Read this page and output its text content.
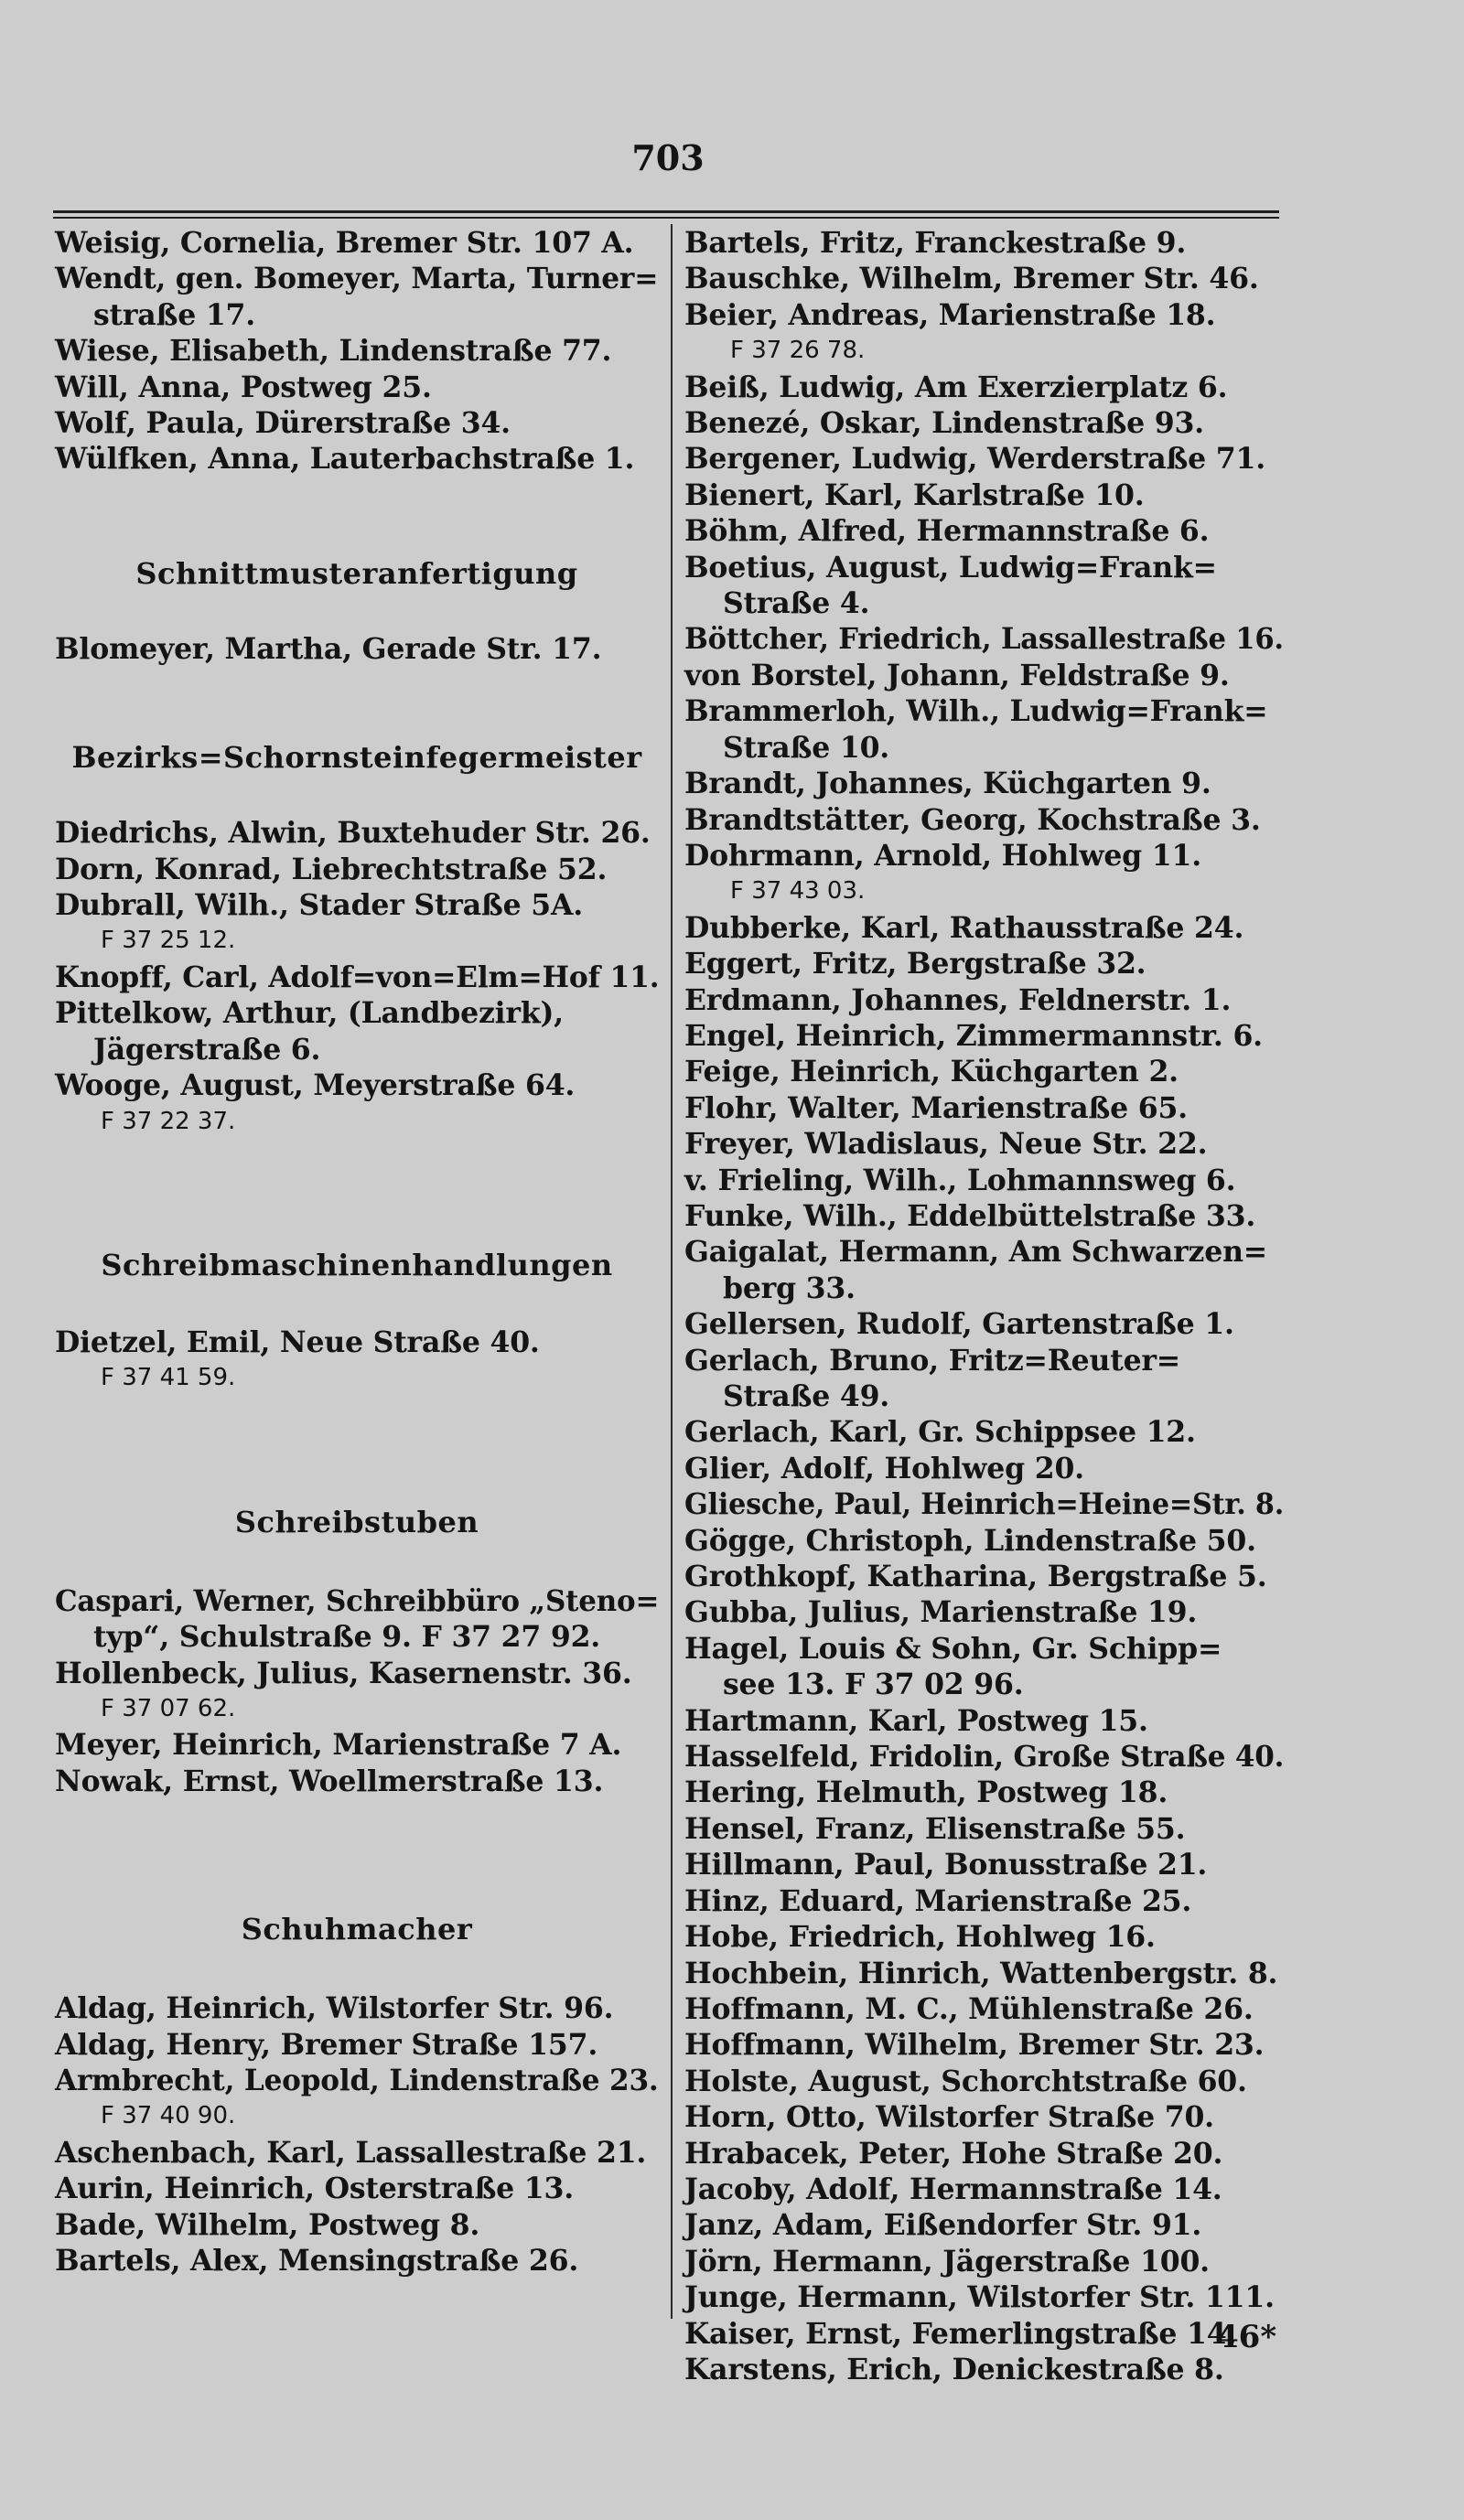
703
Weisig, Cornelia, Bremer Str. 107 A.
Wendt, gen. Bomeyer, Marta, Turner=
straße 17.
Wiese, Elisabeth, Lindenstraße 77.
Will, Anna, Postweg 25.
Wolf, Paula, Dürerstraße 34.
Wülfken, Anna, Lauterbachstraße 1.
Schnittmusteranfertigung
Blomeyer, Martha, Gerade Str. 17.
Bezirks=Schornsteinfegermeister
Diedrichs, Alwin, Buxtehuder Str. 26.
Dorn, Konrad, Liebrechtstraße 52.
Dubrall, Wilh., Stader Straße 5A.
F 37 25 12.
Knopff, Carl, Adolf=von=Elm=Hof 11.
Pittelkow, Arthur, (Landbezirk),
Jägerstraße 6.
Wooge, August, Meyerstraße 64.
F 37 22 37.
Schreibmaschinenhandlungen
Dietzel, Emil, Neue Straße 40.
F 37 41 59.
Schreibstuben
Caspari, Werner, Schreibbüro „Steno=
typ“, Schulstraße 9. F 37 27 92.
Hollenbeck, Julius, Kasernenstr. 36.
F 37 07 62.
Meyer, Heinrich, Marienstraße 7 A.
Nowak, Ernst, Woellmerstraße 13.
Schuhmacher
Aldag, Heinrich, Wilstorfer Str. 96.
Aldag, Henry, Bremer Straße 157.
Armbrecht, Leopold, Lindenstraße 23.
F 37 40 90.
Aschenbach, Karl, Lassallestraße 21.
Aurin, Heinrich, Osterstraße 13.
Bade, Wilhelm, Postweg 8.
Bartels, Alex, Mensingstraße 26.
Bartels, Fritz, Franckestraße 9.
Bauschke, Wilhelm, Bremer Str. 46.
Beier, Andreas, Marienstraße 18.
F 37 26 78.
Beiß, Ludwig, Am Exerzierplatz 6.
Benezé, Oskar, Lindenstraße 93.
Bergener, Ludwig, Werderstraße 71.
Bienert, Karl, Karlstraße 10.
Böhm, Alfred, Hermannstraße 6.
Boetius, August, Ludwig=Frank=
Straße 4.
Böttcher, Friedrich, Lassallestraße 16.
von Borstel, Johann, Feldstraße 9.
Brammerloh, Wilh., Ludwig=Frank=
Straße 10.
Brandt, Johannes, Küchgarten 9.
Brandtstätter, Georg, Kochstraße 3.
Dohrmann, Arnold, Hohlweg 11.
F 37 43 03.
Dubberke, Karl, Rathausstraße 24.
Eggert, Fritz, Bergstraße 32.
Erdmann, Johannes, Feldnerstr. 1.
Engel, Heinrich, Zimmermannstr. 6.
Feige, Heinrich, Küchgarten 2.
Flohr, Walter, Marienstraße 65.
Freyer, Wladislaus, Neue Str. 22.
v. Frieling, Wilh., Lohmannsweg 6.
Funke, Wilh., Eddelbüttelstraße 33.
Gaigalat, Hermann, Am Schwarzen=
berg 33.
Gellersen, Rudolf, Gartenstraße 1.
Gerlach, Bruno, Fritz=Reuter=
Straße 49.
Gerlach, Karl, Gr. Schippsee 12.
Glier, Adolf, Hohlweg 20.
Gliesche, Paul, Heinrich=Heine=Str. 8.
Gögge, Christoph, Lindenstraße 50.
Grothkopf, Katharina, Bergstraße 5.
Gubba, Julius, Marienstraße 19.
Hagel, Louis & Sohn, Gr. Schipp=
see 13. F 37 02 96.
Hartmann, Karl, Postweg 15.
Hasselfeld, Fridolin, Große Straße 40.
Hering, Helmuth, Postweg 18.
Hensel, Franz, Elisenstraße 55.
Hillmann, Paul, Bonusstraße 21.
Hinz, Eduard, Marienstraße 25.
Hobe, Friedrich, Hohlweg 16.
Hochbein, Hinrich, Wattenbergstr. 8.
Hoffmann, M. C., Mühlenstraße 26.
Hoffmann, Wilhelm, Bremer Str. 23.
Holste, August, Schorchtstraße 60.
Horn, Otto, Wilstorfer Straße 70.
Hrabacek, Peter, Hohe Straße 20.
Jacoby, Adolf, Hermannstraße 14.
Janz, Adam, Eißendorfer Str. 91.
Jörn, Hermann, Jägerstraße 100.
Junge, Hermann, Wilstorfer Str. 111.
Kaiser, Ernst, Femerlingstraße 14.
Karstens, Erich, Denickestraße 8.
46*
